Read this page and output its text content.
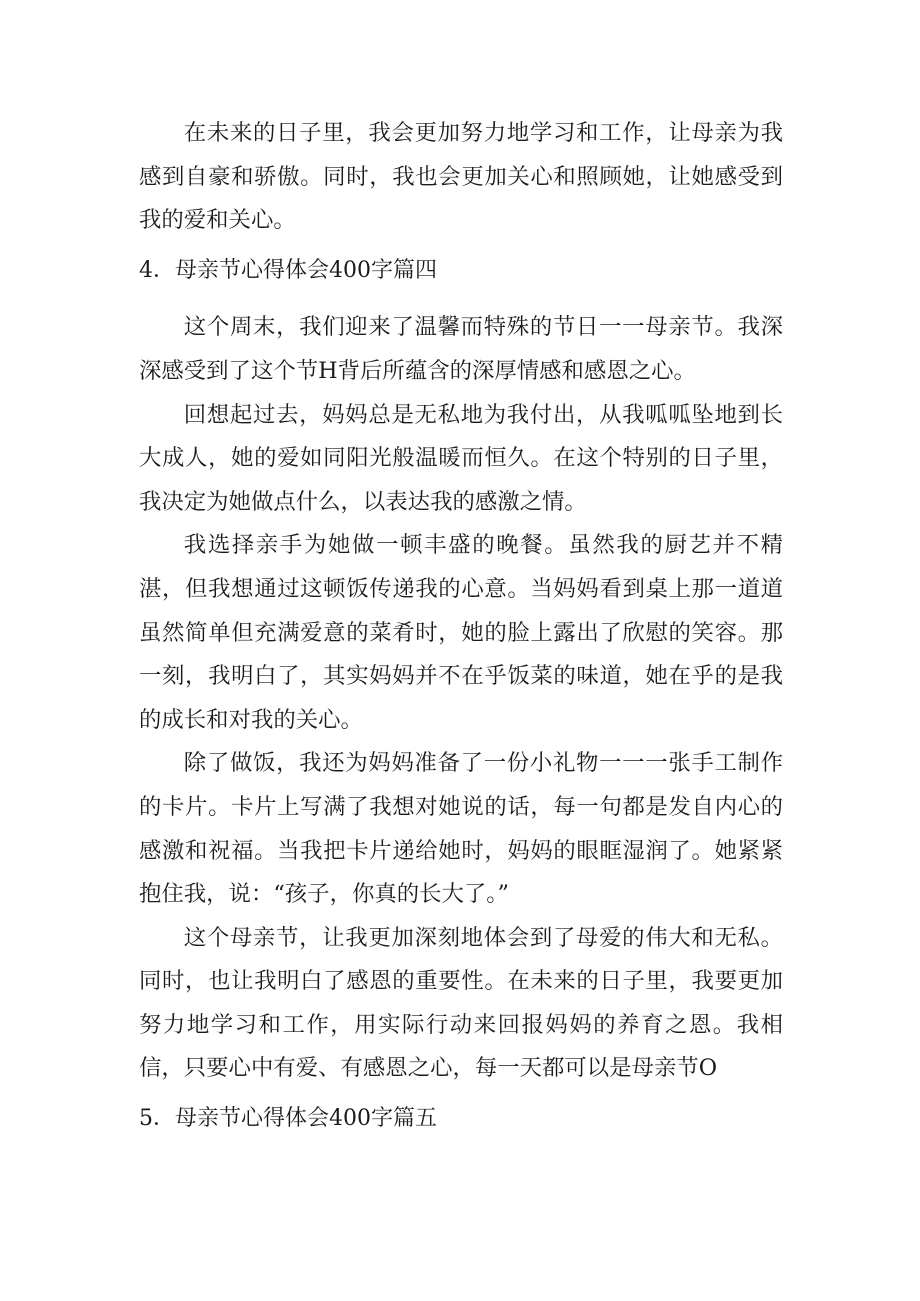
在未来的日子里，我会更加努力地学习和工作，让母亲为我感到自豪和骄傲。同时，我也会更加关心和照顾她，让她感受到我的爱和关心。

4．母亲节心得体会400字篇四

这个周末，我们迎来了温馨而特殊的节日一一母亲节。我深深感受到了这个节H背后所蕴含的深厚情感和感恩之心。

回想起过去，妈妈总是无私地为我付出，从我呱呱坠地到长大成人，她的爱如同阳光般温暖而恒久。在这个特别的日子里，我决定为她做点什么，以表达我的感激之情。

我选择亲手为她做一顿丰盛的晚餐。虽然我的厨艺并不精湛，但我想通过这顿饭传递我的心意。当妈妈看到桌上那一道道虽然简单但充满爱意的菜肴时，她的脸上露出了欣慰的笑容。那一刻，我明白了，其实妈妈并不在乎饭菜的味道，她在乎的是我的成长和对我的关心。

除了做饭，我还为妈妈准备了一份小礼物一一一张手工制作的卡片。卡片上写满了我想对她说的话，每一句都是发自内心的感激和祝福。当我把卡片递给她时，妈妈的眼眶湿润了。她紧紧抱住我，说：“孩子，你真的长大了。”

这个母亲节，让我更加深刻地体会到了母爱的伟大和无私。同时，也让我明白了感恩的重要性。在未来的日子里，我要更加努力地学习和工作，用实际行动来回报妈妈的养育之恩。我相信，只要心中有爱、有感恩之心，每一天都可以是母亲节O

5．母亲节心得体会400字篇五
